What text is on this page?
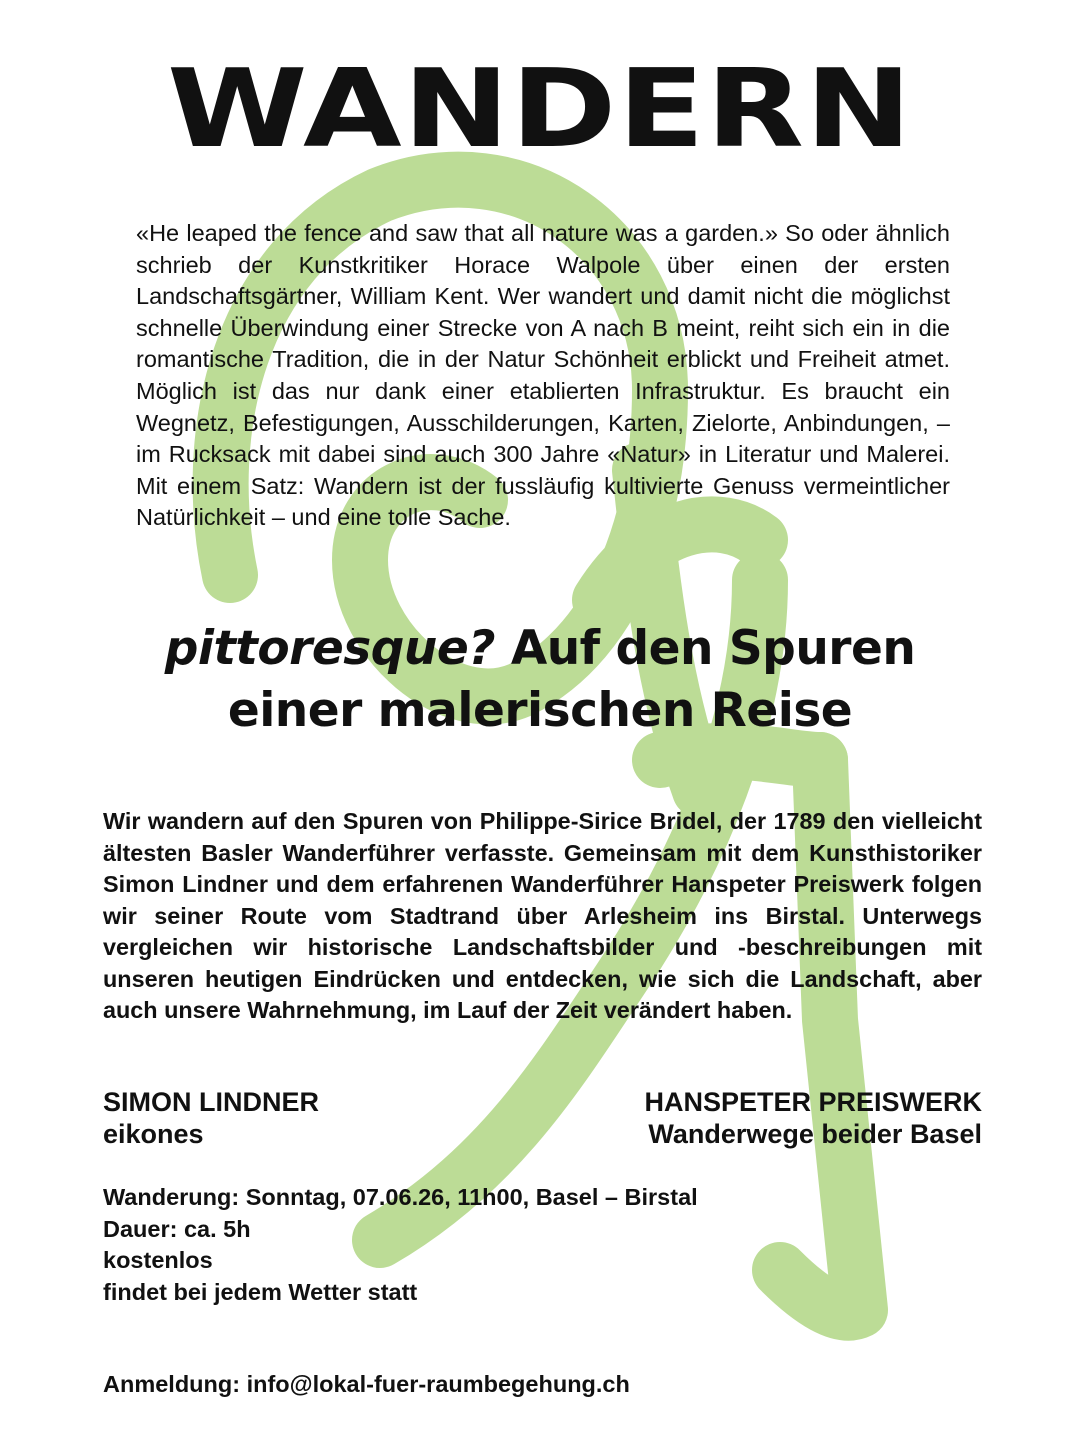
WANDERN

«He leaped the fence and saw that all nature was a garden.» So oder ähnlich schrieb der Kunstkritiker Horace Walpole über einen der ersten Landschaftsgärtner, William Kent. Wer wandert und damit nicht die möglichst schnelle Überwindung einer Strecke von A nach B meint, reiht sich ein in die romantische Tradition, die in der Natur Schönheit erblickt und Freiheit atmet. Möglich ist das nur dank einer etablierten Infrastruktur. Es braucht ein Wegnetz, Befestigungen, Ausschilderungen, Karten, Zielorte, Anbindungen, – im Rucksack mit dabei sind auch 300 Jahre «Natur» in Literatur und Malerei. Mit einem Satz: Wandern ist der fussläufig kultivierte Genuss vermeintlicher Natürlichkeit – und eine tolle Sache.

pittoresque? Auf den Spuren
einer malerischen Reise

Wir wandern auf den Spuren von Philippe-Sirice Bridel, der 1789 den vielleicht ältesten Basler Wanderführer verfasste. Gemeinsam mit dem Kunsthistoriker Simon Lindner und dem erfahrenen Wanderführer Hanspeter Preiswerk folgen wir seiner Route vom Stadtrand über Arlesheim ins Birstal. Unterwegs vergleichen wir historische Landschaftsbilder und -beschreibungen mit unseren heutigen Eindrücken und entdecken, wie sich die Landschaft, aber auch unsere Wahrnehmung, im Lauf der Zeit verändert haben.

SIMON LINDNER
eikones
HANSPETER PREISWERK
Wanderwege beider Basel
Wanderung: Sonntag, 07.06.26, 11h00, Basel – Birstal
Dauer: ca. 5h
kostenlos
findet bei jedem Wetter statt
Anmeldung: info@lokal-fuer-raumbegehung.ch
